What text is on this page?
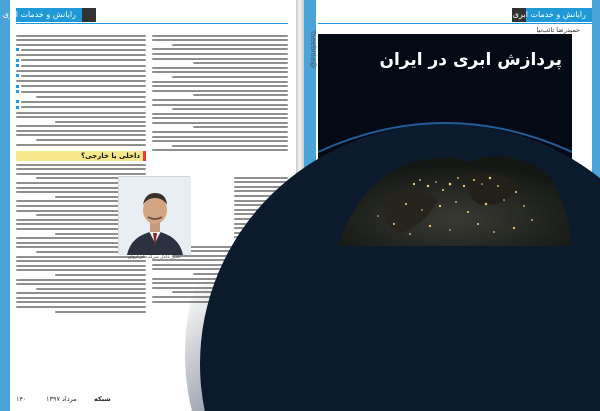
رایانش و خدمات ابری
داخلی یا خارجی؟
مدیر عامل شرکت ابر آروان
۱۴۰	مرداد ۱۳۹۷	شبکه
رایانش و خدمات ابری
حمیدرضا تائب‌نیا
Taeebnia@	پردازش ابری در ایران
